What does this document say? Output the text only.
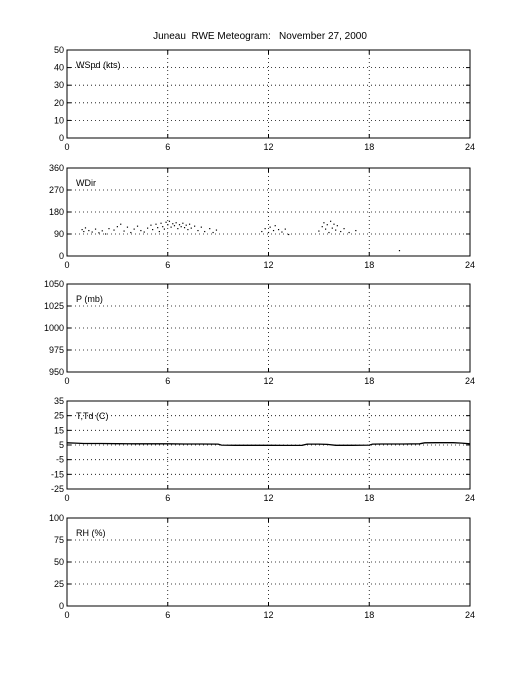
Juneau  RWE Meteogram:   November 27, 2000
0	6	12	18	24
0
10
20
30
40
50
WSpd (kts)
0	6	12	18	24
0
90
180
270
360
WDir
0	6	12	18	24
950
975
1000
1025
1050
P (mb)
0	6	12	18	24
-25
-15
-5
5
15
25
35
T,Td (C)
0	6	12	18	24
0
25
50
75
100
RH (%)
